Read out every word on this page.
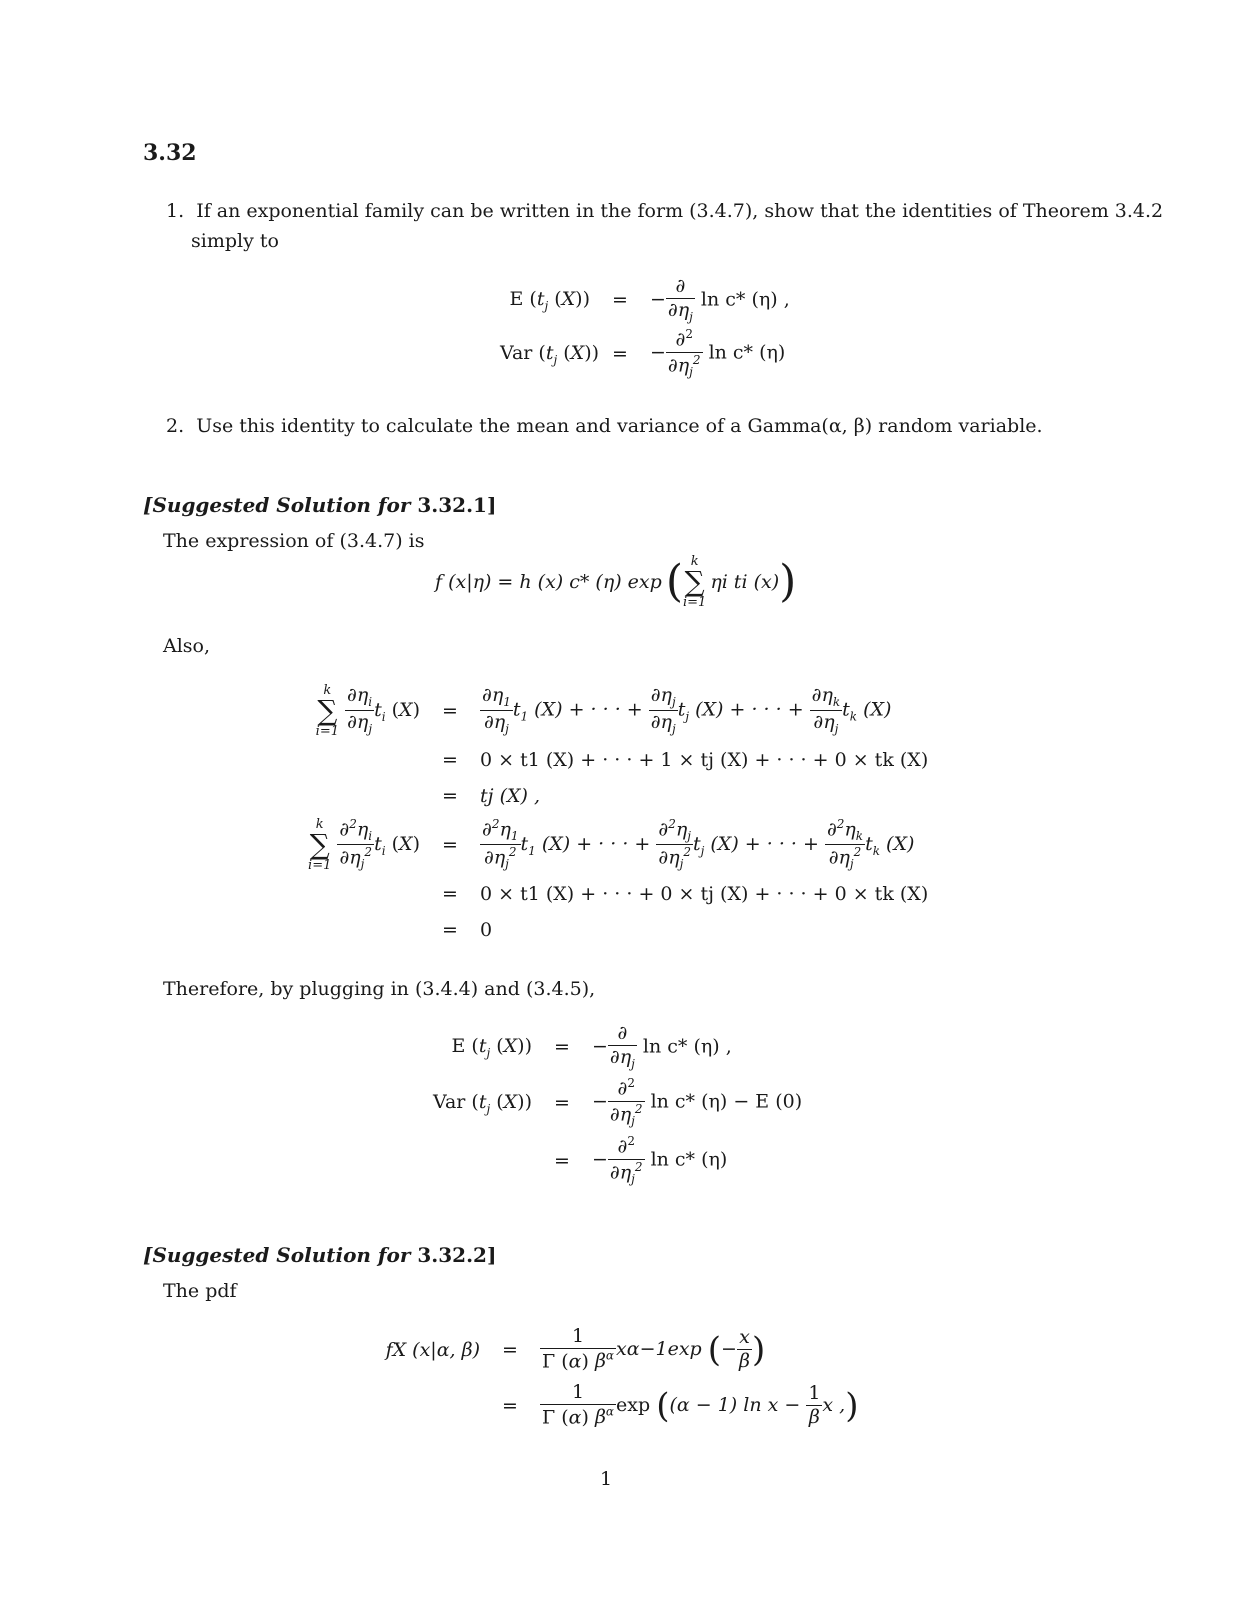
3.32
1. If an exponential family can be written in the form (3.4.7), show that the identities of Theorem 3.4.2
simply to
E ($t_j$ (X))	=	− $\frac{\partial}{\partial\eta_j}$ ln c* (η) ,
Var ($t_j$ (X)) =	− $\frac{\partial^2}{\partial\eta_j^2}$ ln c* (η)
2. Use this identity to calculate the mean and variance of a Gamma(α, β) random variable.
[Suggested Solution for 3.32.1]
The expression of (3.4.7) is
f (x|η) = h (x) c* (η) exp ( k
∑
i=1
ηi ti (x) )
Also,
k
∑
i=1
$\frac{\partial\eta_i}{\partial\eta_j} t_i$ (X)	=	$\frac{\partial\eta_1}{\partial\eta_j} t_1$ (X) + · · · + $\frac{\partial\eta_j}{\partial\eta_j} t_j$ (X) + · · · + $\frac{\partial\eta_k}{\partial\eta_j} t_k$ (X)
=	0 × t1 (X) + · · · + 1 × tj (X) + · · · + 0 × tk (X)
=	tj (X) ,
k
∑
i=1
$\frac{\partial^2\eta_i}{\partial\eta_j^2} t_i$ (X)	=	$\frac{\partial^2\eta_1}{\partial\eta_j^2} t_1$ (X) + · · · + $\frac{\partial^2\eta_j}{\partial\eta_j^2} t_j$ (X) + · · · + $\frac{\partial^2\eta_k}{\partial\eta_j^2} t_k$ (X)
=	0 × t1 (X) + · · · + 0 × tj (X) + · · · + 0 × tk (X)
=	0
Therefore, by plugging in (3.4.4) and (3.4.5),
E ($t_j$ (X))	=	− $\frac{\partial}{\partial\eta_j}$ ln c* (η) ,
Var ($t_j$ (X))	=	− $\frac{\partial^2}{\partial\eta_j^2}$ ln c* (η) − E (0)
=	− $\frac{\partial^2}{\partial\eta_j^2}$ ln c* (η)
[Suggested Solution for 3.32.2]
The pdf
fX (x|α, β)	=	$\frac{1}{\Gamma (\alpha) \beta^\alpha} x\alpha-1\exp$ (− $\frac{x}{\beta}$ )
=	$\frac{1}{\Gamma (\alpha) \beta^\alpha}$ exp ((α − 1) $\ln x - \frac{1}{\beta}$ x ,)
1
